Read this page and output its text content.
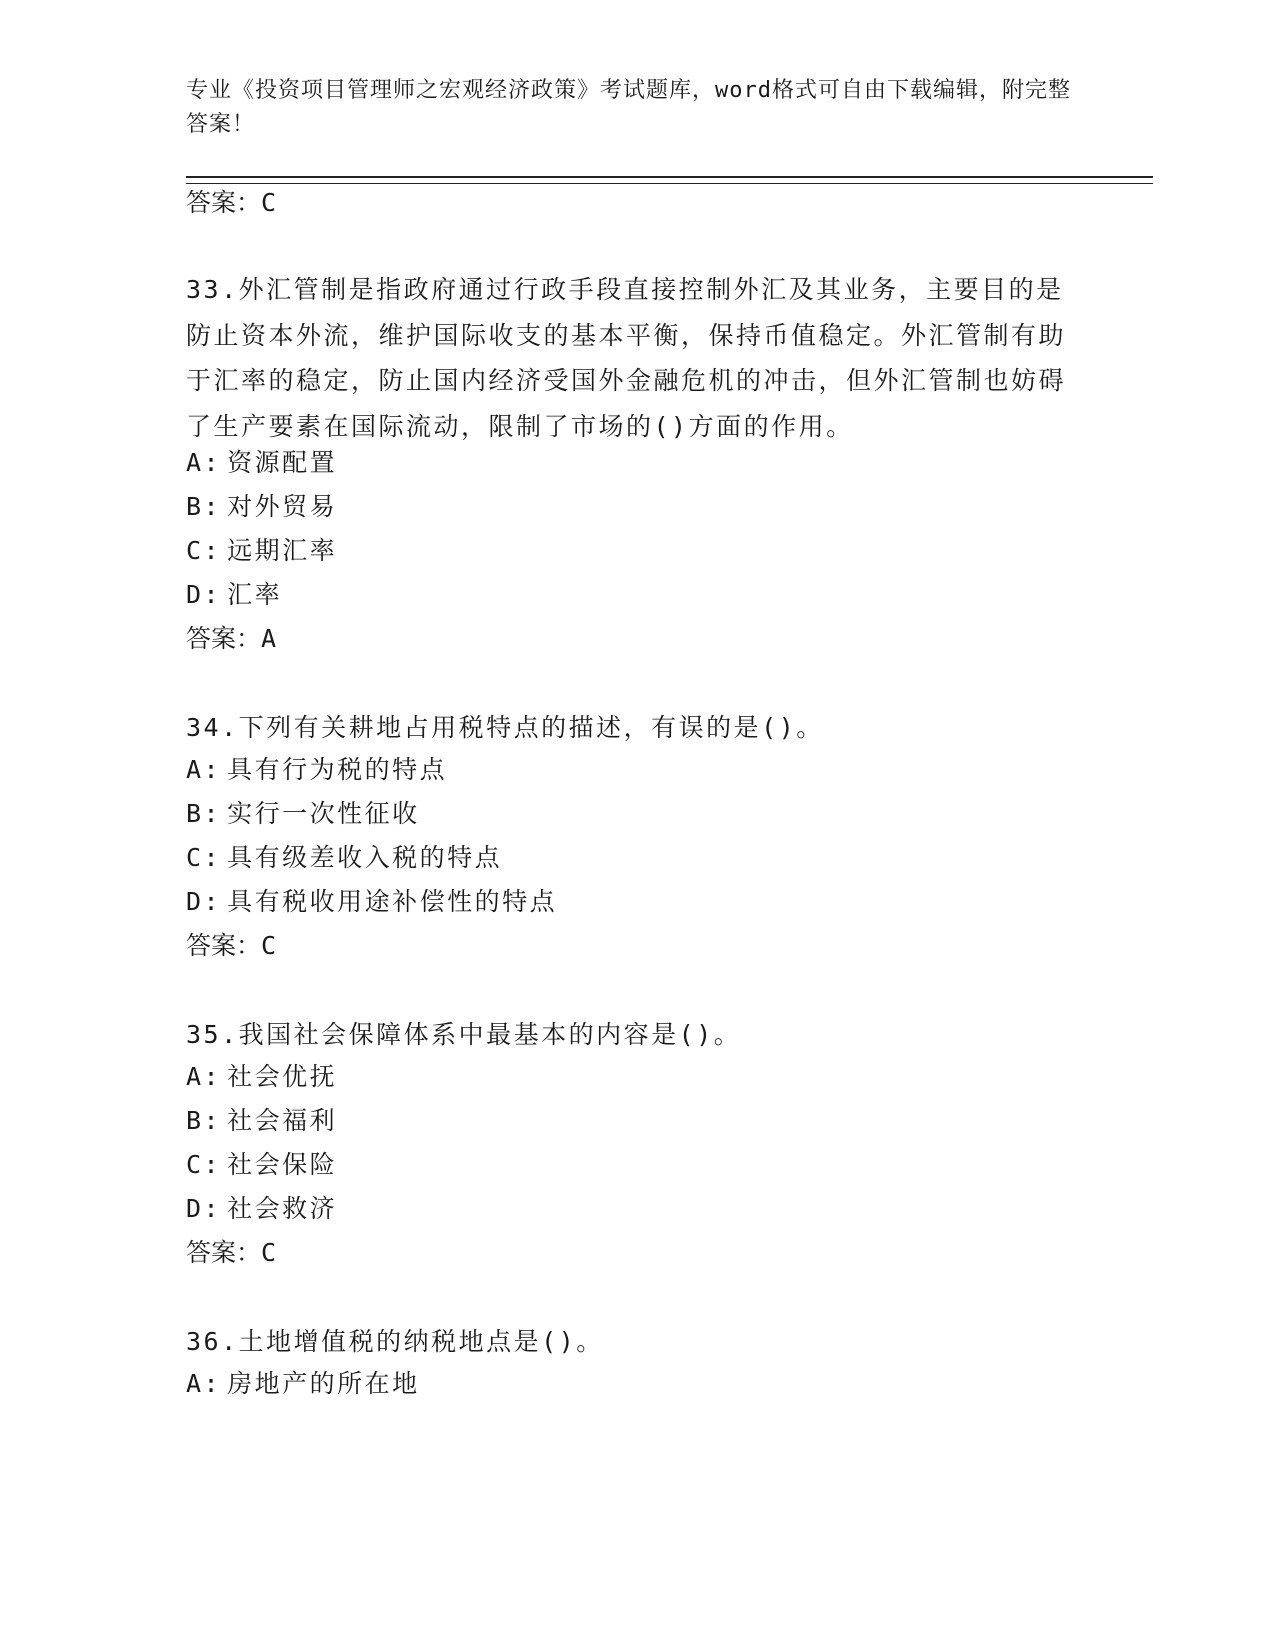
专业《投资项目管理师之宏观经济政策》考试题库，word格式可自由下载编辑，附完整答案！
答案：C
33.外汇管制是指政府通过行政手段直接控制外汇及其业务，主要目的是防止资本外流，维护国际收支的基本平衡，保持币值稳定。外汇管制有助于汇率的稳定，防止国内经济受国外金融危机的冲击，但外汇管制也妨碍了生产要素在国际流动，限制了市场的()方面的作用。
A: 资源配置
B: 对外贸易
C: 远期汇率
D: 汇率
答案：A
34.下列有关耕地占用税特点的描述，有误的是()。
A: 具有行为税的特点
B: 实行一次性征收
C: 具有级差收入税的特点
D: 具有税收用途补偿性的特点
答案：C
35.我国社会保障体系中最基本的内容是()。
A: 社会优抚
B: 社会福利
C: 社会保险
D: 社会救济
答案：C
36.土地增值税的纳税地点是()。
A: 房地产的所在地
